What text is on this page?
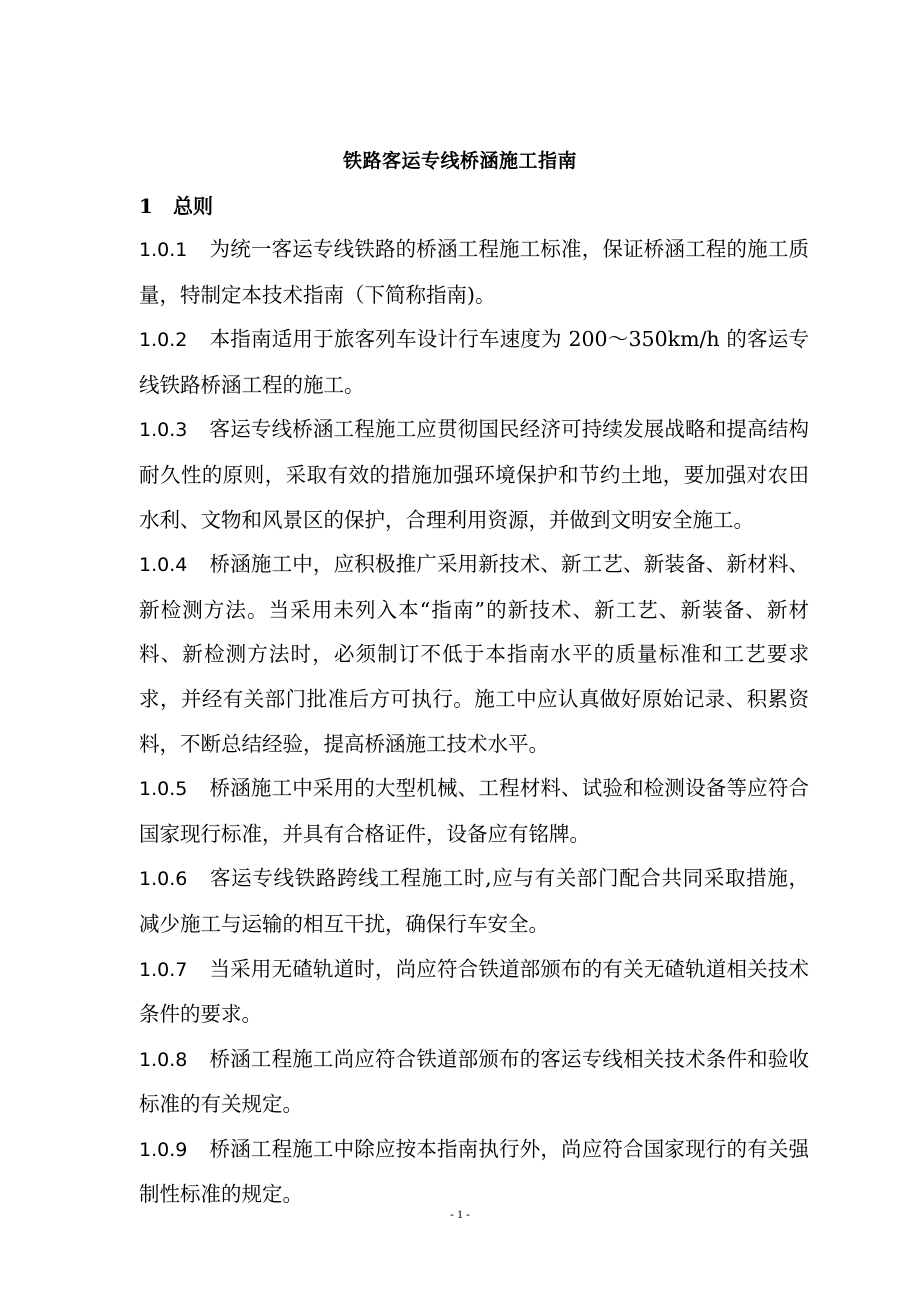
铁路客运专线桥涵施工指南
1 总则

1.0.1 为统一客运专线铁路的桥涵工程施工标准，保证桥涵工程的施工质量，特制定本技术指南（下简称指南)。

1.0.2 本指南适用于旅客列车设计行车速度为 200～350km/h 的客运专线铁路桥涵工程的施工。

1.0.3 客运专线桥涵工程施工应贯彻国民经济可持续发展战略和提高结构耐久性的原则，采取有效的措施加强环境保护和节约土地，要加强对农田水利、文物和风景区的保护，合理利用资源，并做到文明安全施工。

1.0.4 桥涵施工中，应积极推广采用新技术、新工艺、新装备、新材料、新检测方法。当采用未列入本“指南”的新技术、新工艺、新装备、新材料、新检测方法时，必须制订不低于本指南水平的质量标准和工艺要求求，并经有关部门批准后方可执行。施工中应认真做好原始记录、积累资料，不断总结经验，提高桥涵施工技术水平。

1.0.5 桥涵施工中采用的大型机械、工程材料、试验和检测设备等应符合国家现行标准，并具有合格证件，设备应有铭牌。

1.0.6 客运专线铁路跨线工程施工时,应与有关部门配合共同采取措施，减少施工与运输的相互干扰，确保行车安全。

1.0.7 当采用无碴轨道时，尚应符合铁道部颁布的有关无碴轨道相关技术条件的要求。

1.0.8 桥涵工程施工尚应符合铁道部颁布的客运专线相关技术条件和验收标准的有关规定。

1.0.9 桥涵工程施工中除应按本指南执行外，尚应符合国家现行的有关强制性标准的规定。

- 1 -
